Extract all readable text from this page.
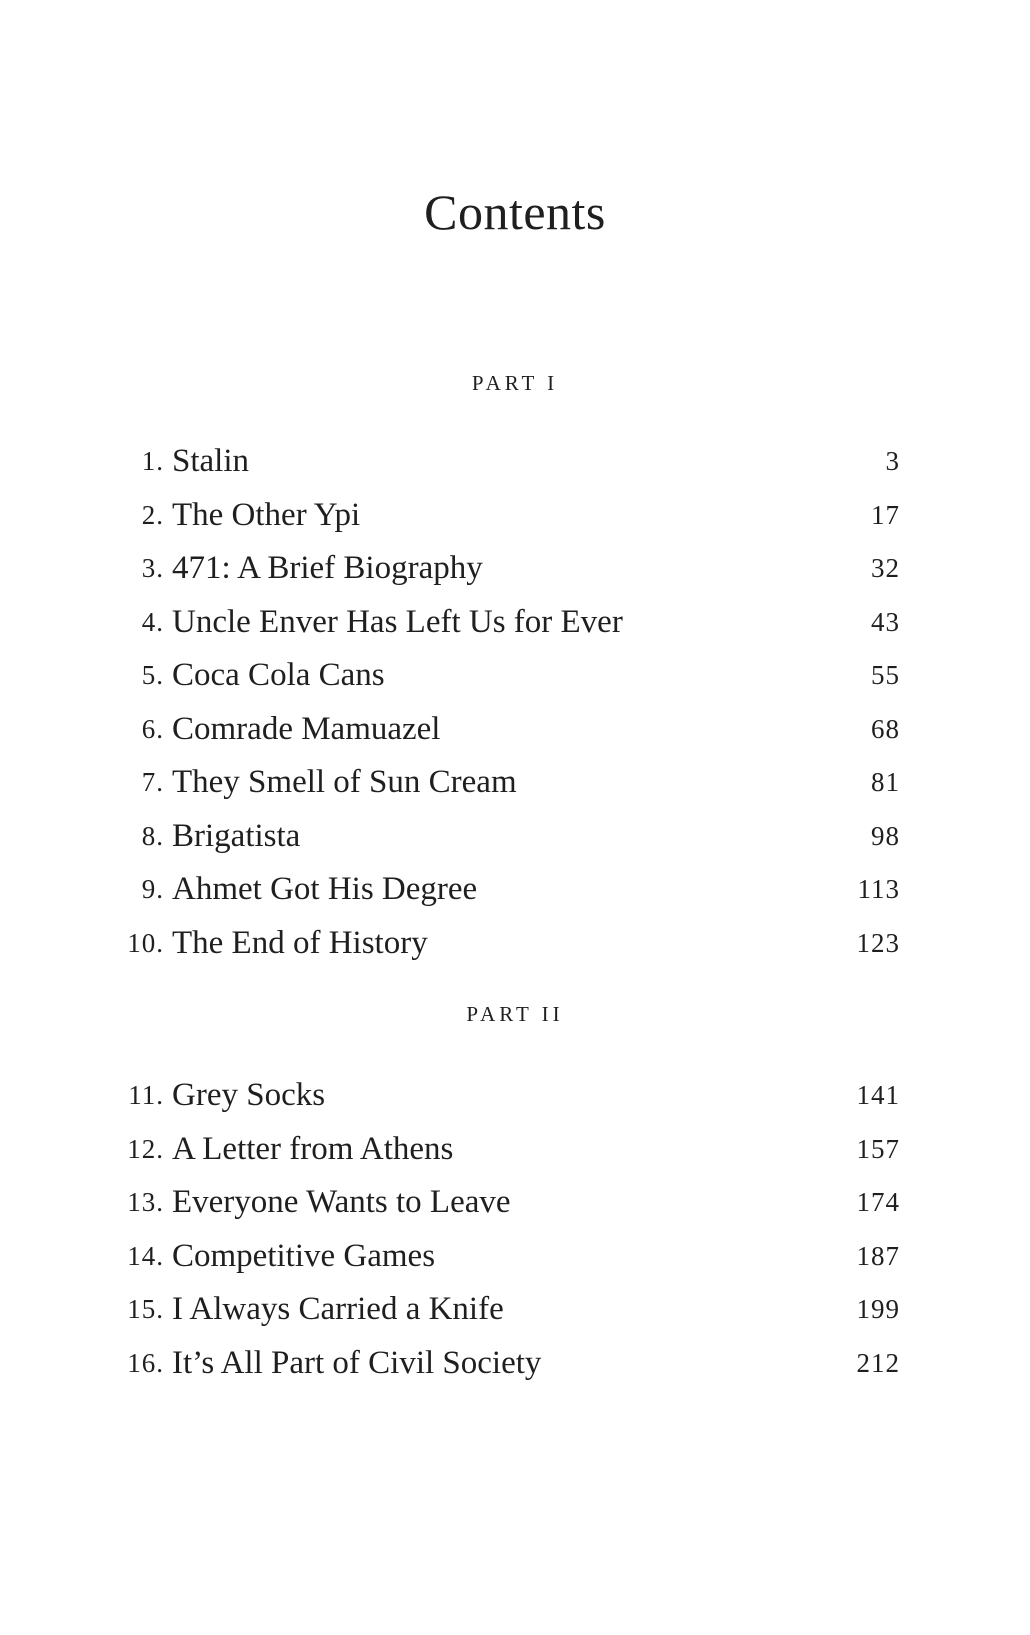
Contents
PART I
1. Stalin	3
2. The Other Ypi	17
3. 471: A Brief Biography	32
4. Uncle Enver Has Left Us for Ever	43
5. Coca Cola Cans	55
6. Comrade Mamuazel	68
7. They Smell of Sun Cream	81
8. Brigatista	98
9. Ahmet Got His Degree	113
10. The End of History	123
PART II
11. Grey Socks	141
12. A Letter from Athens	157
13. Everyone Wants to Leave	174
14. Competitive Games	187
15. I Always Carried a Knife	199
16. It’s All Part of Civil Society	212
